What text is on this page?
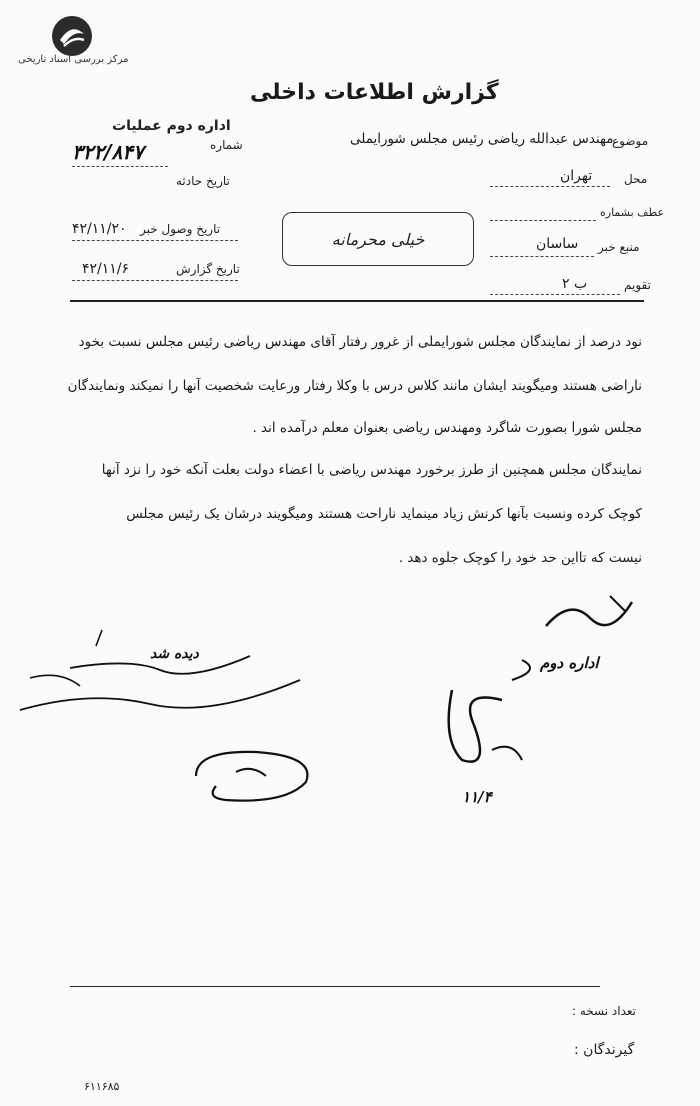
مرکز بررسی اسناد تاریخی
گزارش اطلاعات داخلی
اداره دوم عملیات
شماره
۳۲۲/۸۴۷
تاریخ حادثه
تاریخ وصول خبر
۴۲/۱۱/۲۰
تاریخ گزارش
۴۲/۱۱/۶
موضوع
مهندس عبدالله ریاضی رئیس مجلس شورایملی
محل
تهران
عطف بشماره
منبع خبر
ساسان
تقویم
ب ۲
خیلی محرمانه
نود درصد از نمایندگان مجلس شورایملی از غرور رفتار آقای مهندس ریاضی رئیس مجلس نسبت بخود
ناراضی هستند ومیگویند ایشان مانند کلاس درس با وکلا رفتار ورعایت شخصیت آنها را نمیکند ونمایندگان
مجلس شورا بصورت شاگرد ومهندس ریاضی بعنوان معلم درآمده اند .
نمایندگان مجلس همچنین از طرز برخورد مهندس ریاضی با اعضاء دولت بعلت آنکه خود را نزد آنها
کوچک کرده ونسبت بآنها کرنش زیاد مینماید ناراحت هستند ومیگویند درشان یک رئیس مجلس
نیست که تااین حد خود را کوچک جلوه دهد .
اداره دوم
۱۱/۴
دیده شد
تعداد نسخه :
گیرندگان :
۶۱۱۶۸۵
